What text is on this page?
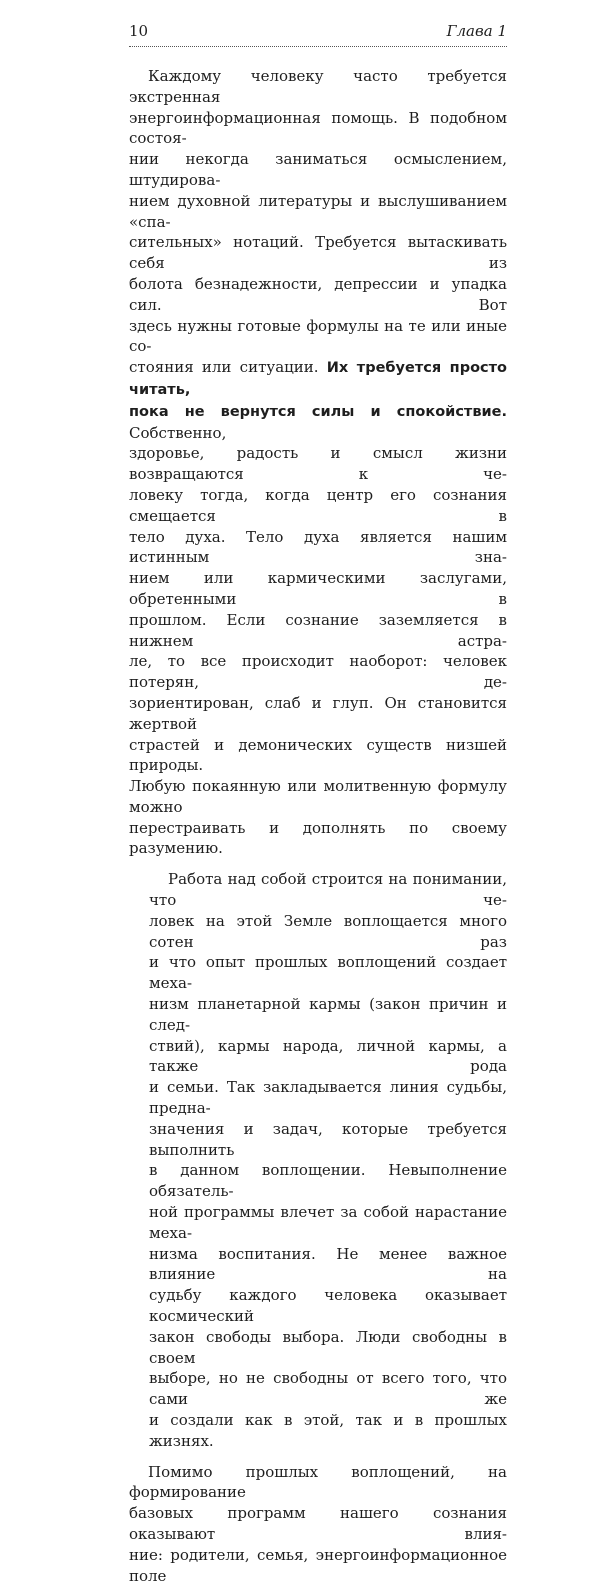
10	Глава 1
Каждому человеку часто требуется экстренная
энергоинформационная помощь. В подобном состоя-
нии некогда заниматься осмыслением, штудирова-
нием духовной литературы и выслушиванием «спа-
сительных» нотаций. Требуется вытаскивать себя из
болота безнадежности, депрессии и упадка сил. Вот
здесь нужны готовые формулы на те или иные со-
стояния или ситуации. Их требуется просто читать,
пока не вернутся силы и спокойствие. Собственно,
здоровье, радость и смысл жизни возвращаются к че-
ловеку тогда, когда центр его сознания смещается в
тело духа. Тело духа является нашим истинным зна-
нием или кармическими заслугами, обретенными в
прошлом. Если сознание заземляется в нижнем астра-
ле, то все происходит наоборот: человек потерян, де-
зориентирован, слаб и глуп. Он становится жертвой
страстей и демонических существ низшей природы.
Любую покаянную или молитвенную формулу можно
перестраивать и дополнять по своему разумению.
Работа над собой строится на понимании, что че-
ловек на этой Земле воплощается много сотен раз
и что опыт прошлых воплощений создает меха-
низм планетарной кармы (закон причин и след-
ствий), кармы народа, личной кармы, а также рода
и семьи. Так закладывается линия судьбы, предна-
значения и задач, которые требуется выполнить
в данном воплощении. Невыполнение обязатель-
ной программы влечет за собой нарастание меха-
низма воспитания. Не менее важное влияние на
судьбу каждого человека оказывает космический
закон свободы выбора. Люди свободны в своем
выборе, но не свободны от всего того, что сами же
и создали как в этой, так и в прошлых жизнях.
Помимо прошлых воплощений, на формирование
базовых программ нашего сознания оказывают влия-
ние: родители, семья, энергоинформационное поле
